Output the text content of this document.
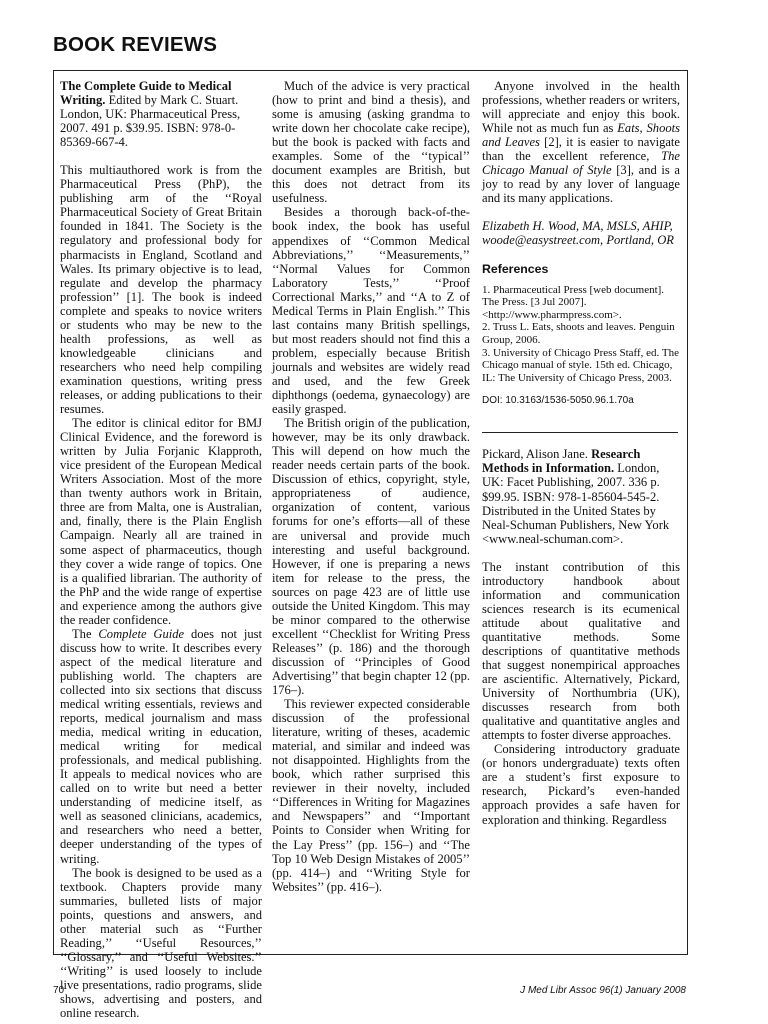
BOOK REVIEWS

The Complete Guide to Medical Writing. Edited by Mark C. Stuart. London, UK: Pharmaceutical Press, 2007. 491 p. $39.95. ISBN: 978-0-85369-667-4.

This multiauthored work is from the Pharmaceutical Press (PhP), the publishing arm of the ‘‘Royal Pharmaceutical Society of Great Britain founded in 1841. The Society is the regulatory and professional body for pharmacists in England, Scotland and Wales. Its primary objective is to lead, regulate and develop the pharmacy profession’’ [1]. The book is indeed complete and speaks to novice writers or students who may be new to the health professions, as well as knowledgeable clinicians and researchers who need help compiling examination questions, writing press releases, or adding publications to their resumes.

The editor is clinical editor for BMJ Clinical Evidence, and the foreword is written by Julia Forjanic Klapproth, vice president of the European Medical Writers Association. Most of the more than twenty authors work in Britain, three are from Malta, one is Australian, and, finally, there is the Plain English Campaign. Nearly all are trained in some aspect of pharmaceutics, though they cover a wide range of topics. One is a qualified librarian. The authority of the PhP and the wide range of expertise and experience among the authors give the reader confidence.

The Complete Guide does not just discuss how to write. It describes every aspect of the medical literature and publishing world. The chapters are collected into six sections that discuss medical writing essentials, reviews and reports, medical journalism and mass media, medical writing in education, medical writing for medical professionals, and medical publishing. It appeals to medical novices who are called on to write but need a better understanding of medicine itself, as well as seasoned clinicians, academics, and researchers who need a better, deeper understanding of the types of writing.

The book is designed to be used as a textbook. Chapters provide many summaries, bulleted lists of major points, questions and answers, and other material such as ‘‘Further Reading,’’ ‘‘Useful Resources,’’ ‘‘Glossary,’’ and ‘‘Useful Websites.’’ ‘‘Writing’’ is used loosely to include live presentations, radio programs, slide shows, advertising and posters, and online research.

Much of the advice is very practical (how to print and bind a thesis), and some is amusing (asking grandma to write down her chocolate cake recipe), but the book is packed with facts and examples. Some of the ‘‘typical’’ document examples are British, but this does not detract from its usefulness.

Besides a thorough back-of-the-book index, the book has useful appendixes of ‘‘Common Medical Abbreviations,’’ ‘‘Measurements,’’ ‘‘Normal Values for Common Laboratory Tests,’’ ‘‘Proof Correctional Marks,’’ and ‘‘A to Z of Medical Terms in Plain English.’’ This last contains many British spellings, but most readers should not find this a problem, especially because British journals and websites are widely read and used, and the few Greek diphthongs (oedema, gynaecology) are easily grasped.

The British origin of the publication, however, may be its only drawback. This will depend on how much the reader needs certain parts of the book. Discussion of ethics, copyright, style, appropriateness of audience, organization of content, various forums for one’s efforts—all of these are universal and provide much interesting and useful background. However, if one is preparing a news item for release to the press, the sources on page 423 are of little use outside the United Kingdom. This may be minor compared to the otherwise excellent ‘‘Checklist for Writing Press Releases’’ (p. 186) and the thorough discussion of ‘‘Principles of Good Advertising’’ that begin chapter 12 (pp. 176–).

This reviewer expected considerable discussion of the professional literature, writing of theses, academic material, and similar and indeed was not disappointed. Highlights from the book, which rather surprised this reviewer in their novelty, included ‘‘Differences in Writing for Magazines and Newspapers’’ and ‘‘Important Points to Consider when Writing for the Lay Press’’ (pp. 156–) and ‘‘The Top 10 Web Design Mistakes of 2005’’ (pp. 414–) and ‘‘Writing Style for Websites’’ (pp. 416–).

Anyone involved in the health professions, whether readers or writers, will appreciate and enjoy this book. While not as much fun as Eats, Shoots and Leaves [2], it is easier to navigate than the excellent reference, The Chicago Manual of Style [3], and is a joy to read by any lover of language and its many applications.

Elizabeth H. Wood, MA, MSLS, AHIP, woode@easystreet.com, Portland, OR

References

1. Pharmaceutical Press [web document]. The Press. [3 Jul 2007]. <http://www.pharmpress.com>.

2. Truss L. Eats, shoots and leaves. Penguin Group, 2006.

3. University of Chicago Press Staff, ed. The Chicago manual of style. 15th ed. Chicago, IL: The University of Chicago Press, 2003.

DOI: 10.3163/1536-5050.96.1.70a

Pickard, Alison Jane. Research Methods in Information. London, UK: Facet Publishing, 2007. 336 p. $99.95. ISBN: 978-1-85604-545-2. Distributed in the United States by Neal-Schuman Publishers, New York <www.neal-schuman.com>.

The instant contribution of this introductory handbook about information and communication sciences research is its ecumenical attitude about qualitative and quantitative methods. Some descriptions of quantitative methods that suggest nonempirical approaches are ascientific. Alternatively, Pickard, University of Northumbria (UK), discusses research from both qualitative and quantitative angles and attempts to foster diverse approaches.

Considering introductory graduate (or honors undergraduate) texts often are a student’s first exposure to research, Pickard’s even-handed approach provides a safe haven for exploration and thinking. Regardless

70	J Med Libr Assoc 96(1) January 2008
